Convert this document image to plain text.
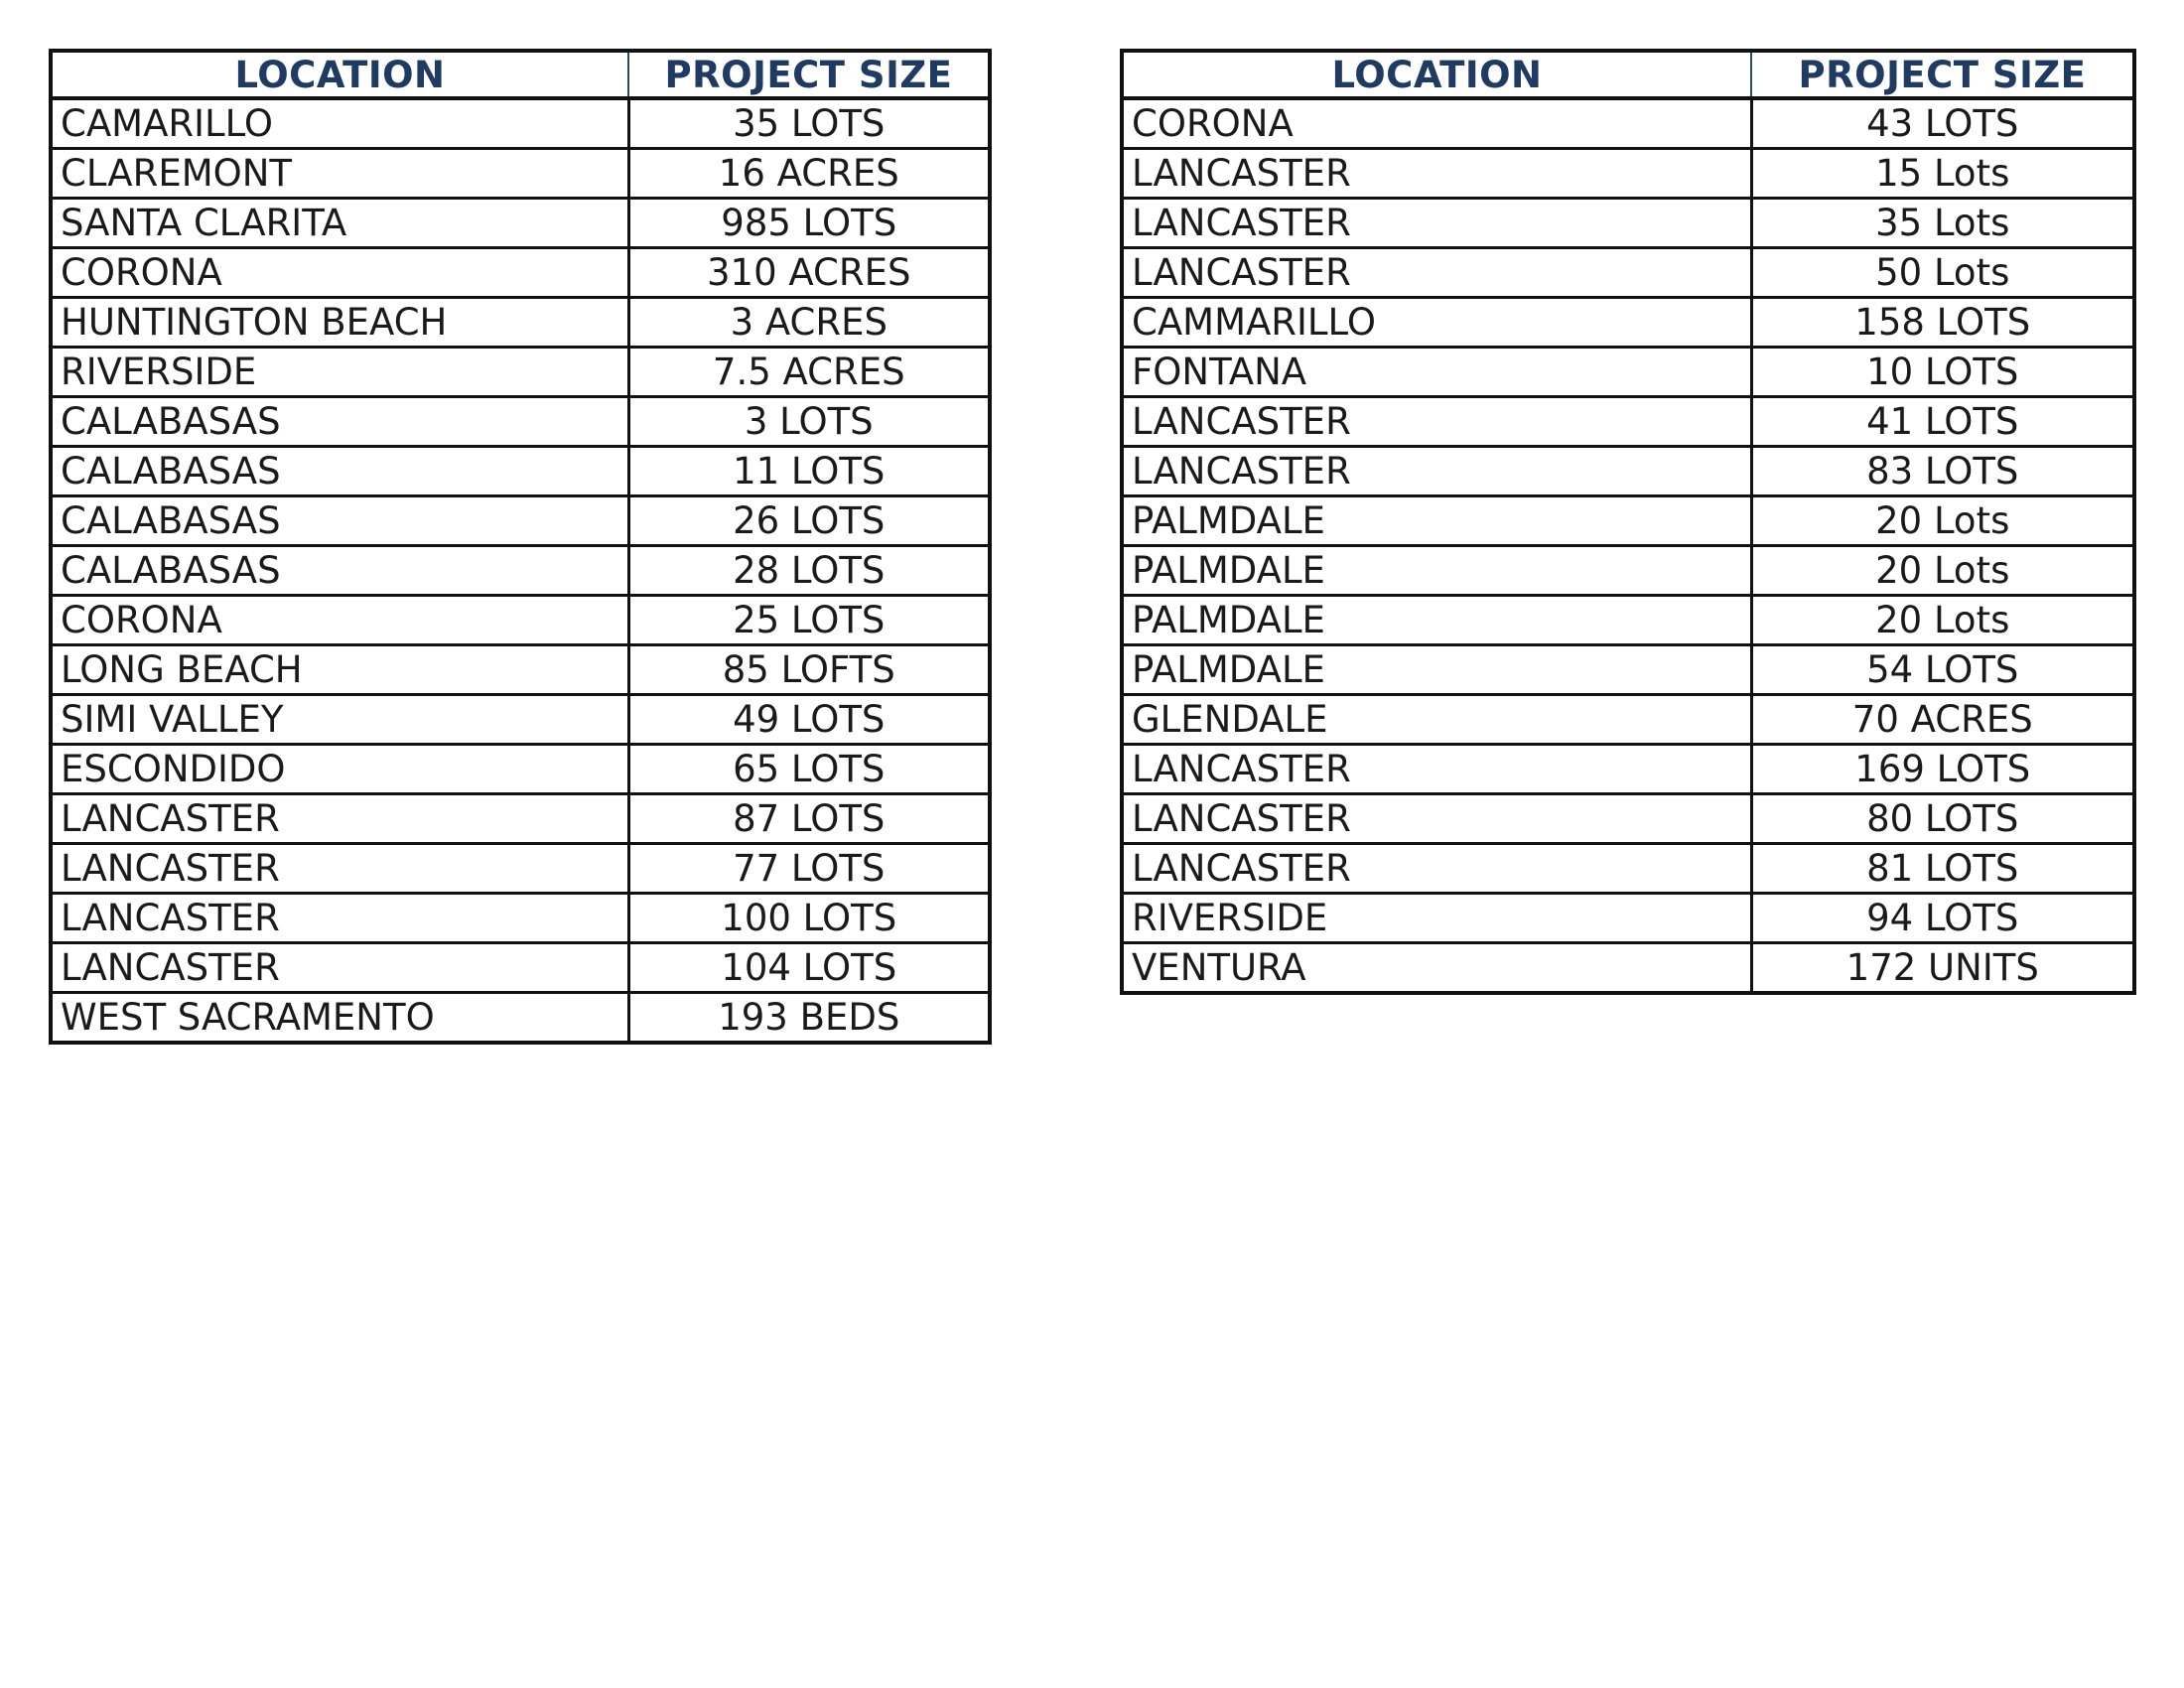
LOCATION	PROJECT SIZE
CAMARILLO	35 LOTS
CLAREMONT	16 ACRES
SANTA CLARITA	985 LOTS
CORONA	310 ACRES
HUNTINGTON BEACH	3 ACRES
RIVERSIDE	7.5 ACRES
CALABASAS	3 LOTS
CALABASAS	11 LOTS
CALABASAS	26 LOTS
CALABASAS	28 LOTS
CORONA	25 LOTS
LONG BEACH	85 LOFTS
SIMI VALLEY	49 LOTS
ESCONDIDO	65 LOTS
LANCASTER	87 LOTS
LANCASTER	77 LOTS
LANCASTER	100 LOTS
LANCASTER	104 LOTS
WEST SACRAMENTO	193 BEDS
LOCATION	PROJECT SIZE
CORONA	43 LOTS
LANCASTER	15 Lots
LANCASTER	35 Lots
LANCASTER	50 Lots
CAMMARILLO	158 LOTS
FONTANA	10 LOTS
LANCASTER	41 LOTS
LANCASTER	83 LOTS
PALMDALE	20 Lots
PALMDALE	20 Lots
PALMDALE	20 Lots
PALMDALE	54 LOTS
GLENDALE	70 ACRES
LANCASTER	169 LOTS
LANCASTER	80 LOTS
LANCASTER	81 LOTS
RIVERSIDE	94 LOTS
VENTURA	172 UNITS
